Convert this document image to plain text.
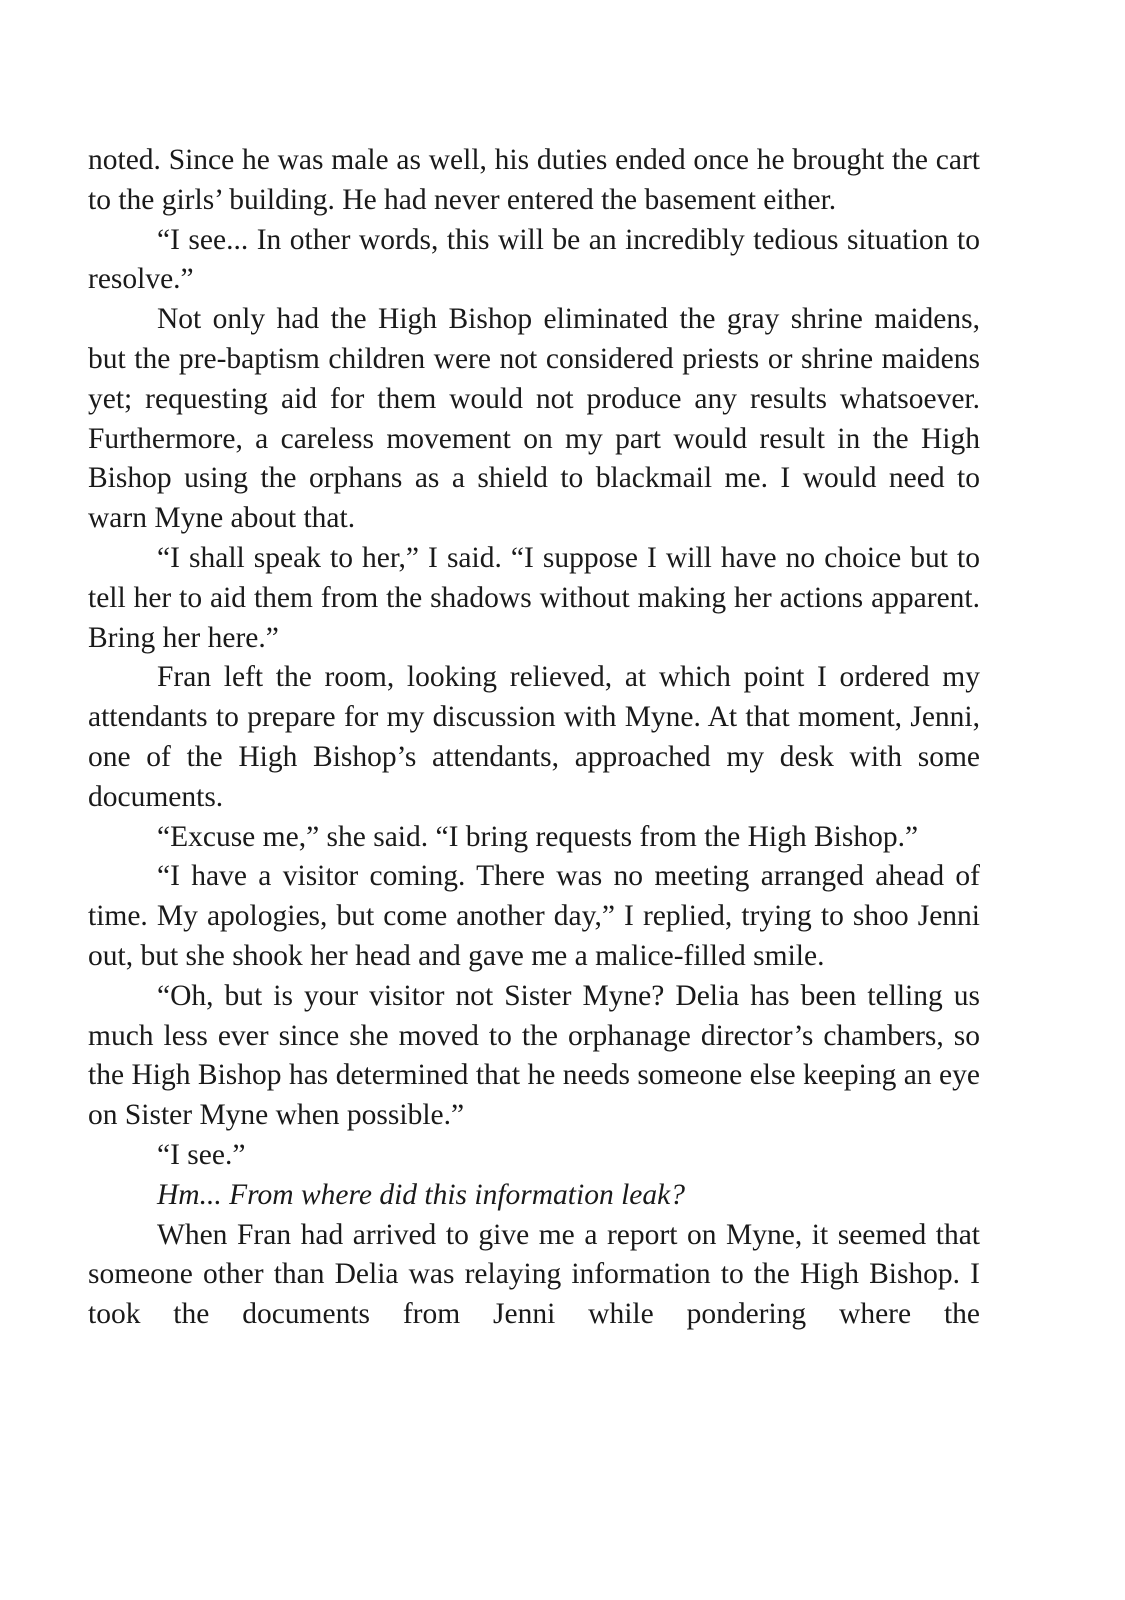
noted. Since he was male as well, his duties ended once he brought the cart to the girls’ building. He had never entered the basement either.

“I see... In other words, this will be an incredibly tedious situation to resolve.”

Not only had the High Bishop eliminated the gray shrine maidens, but the pre-baptism children were not considered priests or shrine maidens yet; requesting aid for them would not produce any results whatsoever. Furthermore, a careless movement on my part would result in the High Bishop using the orphans as a shield to blackmail me. I would need to warn Myne about that.

“I shall speak to her,” I said. “I suppose I will have no choice but to tell her to aid them from the shadows without making her actions apparent. Bring her here.”

Fran left the room, looking relieved, at which point I ordered my attendants to prepare for my discussion with Myne. At that moment, Jenni, one of the High Bishop’s attendants, approached my desk with some documents.

“Excuse me,” she said. “I bring requests from the High Bishop.”

“I have a visitor coming. There was no meeting arranged ahead of time. My apologies, but come another day,” I replied, trying to shoo Jenni out, but she shook her head and gave me a malice-filled smile.

“Oh, but is your visitor not Sister Myne? Delia has been telling us much less ever since she moved to the orphanage director’s chambers, so the High Bishop has determined that he needs someone else keeping an eye on Sister Myne when possible.”

“I see.”

Hm... From where did this information leak?

When Fran had arrived to give me a report on Myne, it seemed that someone other than Delia was relaying information to the High Bishop. I took the documents from Jenni while pondering where the
